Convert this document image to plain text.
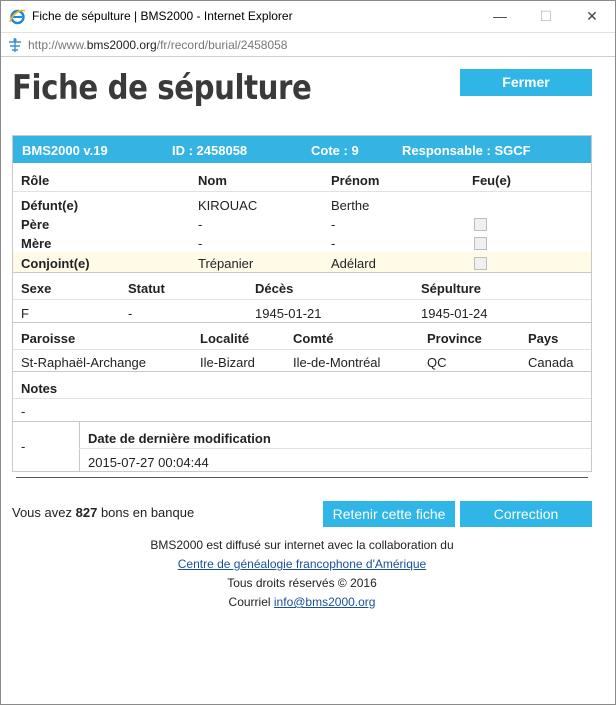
Fiche de sépulture | BMS2000 - Internet Explorer	—	☐	✕
http://www.bms2000.org/fr/record/burial/2458058
Fiche de sépulture	Fermer
BMS2000 v.19	ID : 2458058	Cote : 9	Responsable : SGCF
Rôle	Nom	Prénom	Feu(e)
Défunt(e)	KIROUAC	Berthe
Père	-	-
Mère	-	-
Conjoint(e)	Trépanier	Adélard
Sexe	Statut	Décès	Sépulture
F	-	1945-01-21	1945-01-24
Paroisse	Localité	Comté	Province	Pays
St-Raphaël-Archange	Ile-Bizard	Ile-de-Montréal	QC	Canada
Notes
-
-
Date de dernière modification
2015-07-27 00:04:44
Vous avez 827 bons en banque	Retenir cette fiche	Correction
BMS2000 est diffusé sur internet avec la collaboration du
Centre de généalogie francophone d'Amérique
Tous droits réservés © 2016
Courriel info@bms2000.org
